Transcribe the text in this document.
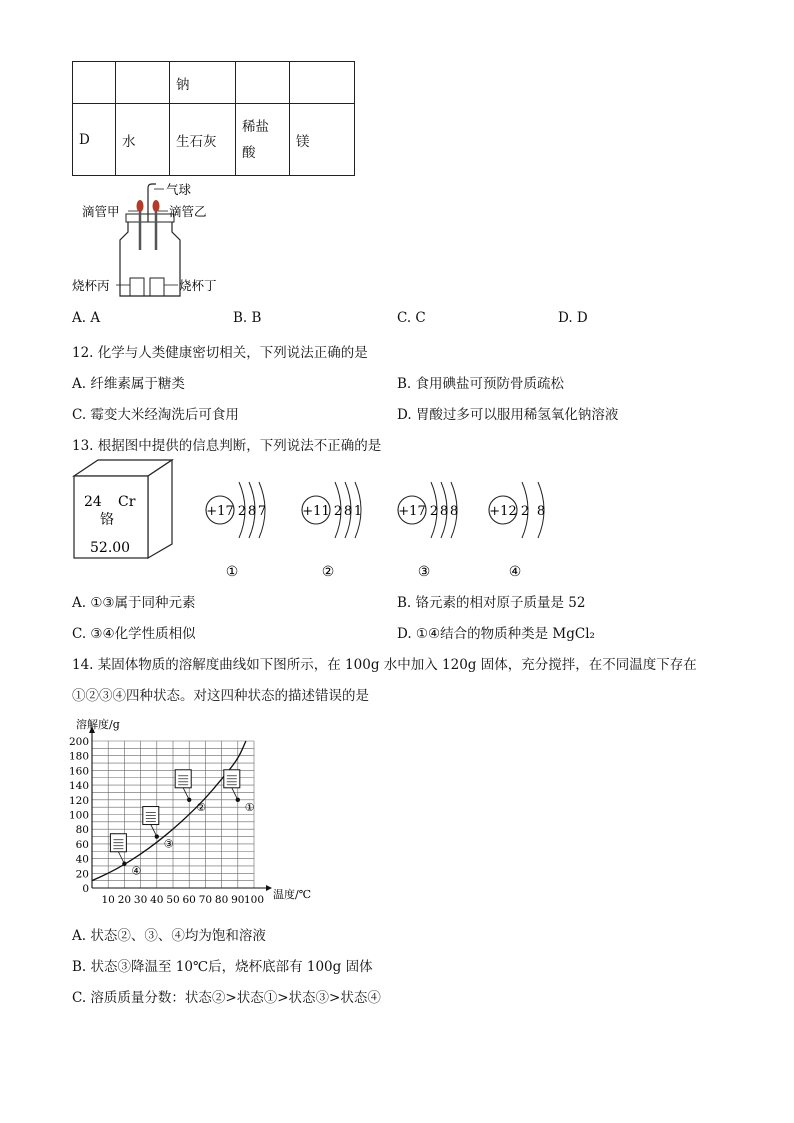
		钠		
D	水	生石灰	稀盐酸	镁
气球
滴管甲	滴管乙
烧杯丙	烧杯丁
A. A	B. B	C. C	D. D
12. 化学与人类健康密切相关，下列说法正确的是
A. 纤维素属于糖类	B. 食用碘盐可预防骨质疏松
C. 霉变大米经淘洗后可食用	D. 胃酸过多可以服用稀氢氧化钠溶液
13. 根据图中提供的信息判断，下列说法不正确的是
24 Cr
铬
52.00
+17 2 8 7
①
+11 2 8 1
②
+17 2 8 8
③
+12 2 8
④
A. ①③属于同种元素	B. 铬元素的相对原子质量是 52
C. ③④化学性质相似	D. ①④结合的物质种类是 MgCl₂
14. 某固体物质的溶解度曲线如下图所示，在 100g 水中加入 120g 固体，充分搅拌，在不同温度下存在
①②③④四种状态。对这四种状态的描述错误的是
10 20 30 40 50 60 70 80 90 100
0
20
40
60
80
100
120
140
160
180
200
①
②
③
④
溶解度/g
温度/℃
A. 状态②、③、④均为饱和溶液
B. 状态③降温至 10℃后，烧杯底部有 100g 固体
C. 溶质质量分数：状态②>状态①>状态③>状态④
